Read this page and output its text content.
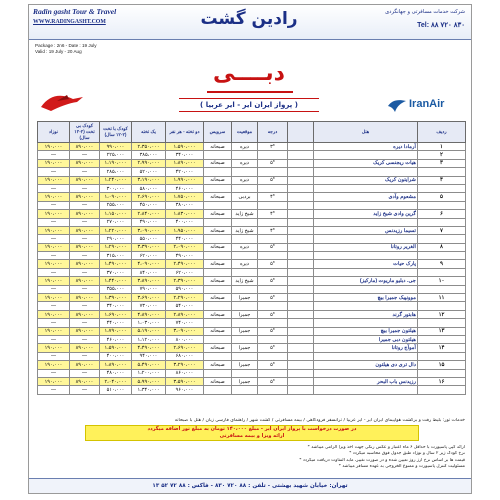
Radin gasht Tour & Travel
WWW.RADINGASHT.COM	رادین گشت	شرکت خدمات مسافرتی و جهانگردی
Tel: ۸۸ ۷۲۰ ۸۳۰
Package : 2n6 - Date : 19 July
Valid : 19 July - 20 Aug
دبــــی
( پرواز ایران ایر - ایر عربیا )	IranAir
نوزاد	کودک بی تخت (۲-۱۲ سال)	کودک با تخت (۲-۱۲ سال)	یک تخته	دو تخته - هر نفر	سرویس	موقعیت	درجه		هتل	ردیف
۱۹۰،۰۰۰	۸۹۰،۰۰۰	۹۹۰،۰۰۰	۲،۳۵۰،۰۰۰	۱،۵۹۰،۰۰۰	صبحانه	دیره	۳*		آرمادا دیره	۱
—	—	۲۲۵،۰۰۰	۳۸۵،۰۰۰	۳۴۰،۰۰۰						۲
۱۹۰،۰۰۰	۸۹۰،۰۰۰	۱،۱۹۰،۰۰۰	۲،۹۹۰،۰۰۰	۱،۸۹۰،۰۰۰	صبحانه	دیره	۵*		هیات ریجنسی کریک	۳
—	—	۲۸۵،۰۰۰	۵۲۰،۰۰۰	۴۲۰،۰۰۰						
۱۹۰،۰۰۰	۸۹۰،۰۰۰	۱،۲۴۰،۰۰۰	۳،۱۹۰،۰۰۰	۱،۹۹۰،۰۰۰	صبحانه	دیره	۵*		شرایتون کریک	۴
—	—	۳۰۰،۰۰۰	۵۸۰،۰۰۰	۴۶۰،۰۰۰						
۱۹۰،۰۰۰	۸۹۰،۰۰۰	۱،۰۹۰،۰۰۰	۲،۶۹۰،۰۰۰	۱،۷۵۰،۰۰۰	صبحانه	بردبی	۴*		مشعوم وآدی	۵
—	—	۲۵۵،۰۰۰	۴۵۰،۰۰۰	۳۸۰،۰۰۰						
۱۹۰،۰۰۰	۸۹۰،۰۰۰	۱،۱۵۰،۰۰۰	۲،۸۴۰،۰۰۰	۱،۸۳۰،۰۰۰	صبحانه	شیخ زاید	۴*		گرین وادی شیخ زاید	۶
—	—	۲۷۰،۰۰۰	۴۹۰،۰۰۰	۴۰۰،۰۰۰						
۱۹۰،۰۰۰	۸۹۰،۰۰۰	۱،۲۲۰،۰۰۰	۳،۰۹۰،۰۰۰	۱،۹۵۰،۰۰۰	صبحانه	شیخ زاید	۴*		تسیما رزیدنس	۷
—	—	۲۹۰،۰۰۰	۵۵۰،۰۰۰	۴۴۰،۰۰۰						
۱۹۰،۰۰۰	۸۹۰،۰۰۰	۱،۲۹۰،۰۰۰	۳،۳۹۰،۰۰۰	۲،۰۹۰،۰۰۰	صبحانه	دیره	۵*		الغریر روتانا	۸
—	—	۳۱۵،۰۰۰	۶۲۰،۰۰۰	۴۹۰،۰۰۰						
۱۹۰،۰۰۰	۸۹۰،۰۰۰	۱،۴۹۰،۰۰۰	۴،۰۹۰،۰۰۰	۲،۴۹۰،۰۰۰	صبحانه	دیره	۵*		پارک حیات	۹
—	—	۳۷۰،۰۰۰	۸۴۰،۰۰۰	۶۲۰،۰۰۰						
۱۹۰،۰۰۰	۸۹۰،۰۰۰	۱،۴۴۰،۰۰۰	۳،۸۹۰،۰۰۰	۲،۳۹۰،۰۰۰	صبحانه	شیخ زاید	۵*		جی. دبلیو ماریوت (مارکیز)	۱۰
—	—	۳۵۵،۰۰۰	۷۹۰،۰۰۰	۵۹۰،۰۰۰						
۱۹۰،۰۰۰	۸۹۰،۰۰۰	۱،۳۹۰،۰۰۰	۳،۶۹۰،۰۰۰	۲،۲۹۰،۰۰۰	صبحانه	جمیرا	۵*		موونپیک جمیرا بیچ	۱۱
—	—	۳۴۰،۰۰۰	۷۳۰،۰۰۰	۵۴۰،۰۰۰						
۱۹۰،۰۰۰	۸۹۰،۰۰۰	۱،۶۹۰،۰۰۰	۴،۸۹۰،۰۰۰	۲،۸۹۰،۰۰۰	صبحانه	جمیرا	۵*		هابتور گرند	۱۲
—	—	۴۴۰،۰۰۰	۱،۰۳۰،۰۰۰	۷۴۰،۰۰۰						
۱۹۰،۰۰۰	۸۹۰،۰۰۰	۱،۷۹۰،۰۰۰	۵،۱۹۰،۰۰۰	۳،۰۹۰،۰۰۰	صبحانه	جمیرا	۵*		هیلتون جمیرا بیچ	۱۳
—	—	۴۶۰،۰۰۰	۱،۱۲۰،۰۰۰	۸۰۰،۰۰۰					هیلتون دبی جمیرا	
۱۹۰،۰۰۰	۸۹۰،۰۰۰	۱،۵۹۰،۰۰۰	۴،۴۹۰،۰۰۰	۲،۶۹۰،۰۰۰	صبحانه	جمیرا	۵*		آموآج روتانا	۱۴
—	—	۴۰۰،۰۰۰	۹۴۰،۰۰۰	۶۸۰،۰۰۰						
۱۹۰،۰۰۰	۸۹۰،۰۰۰	۱،۸۹۰،۰۰۰	۵،۴۹۰،۰۰۰	۳،۲۹۰،۰۰۰	صبحانه	جمیرا	۵*		دال تری دی هیلتون	۱۵
—	—	۴۸۰،۰۰۰	۱،۲۰۰،۰۰۰	۸۶۰،۰۰۰						
۱۹۰،۰۰۰	۸۹۰،۰۰۰	۲،۰۴۰،۰۰۰	۵،۹۹۰،۰۰۰	۳،۵۹۰،۰۰۰	صبحانه	جمیرا	۵*		رزیدنس باب البحر	۱۶
—	—	۵۱۰،۰۰۰	۱،۳۴۰،۰۰۰	۹۶۰،۰۰۰						
خدمات تور: بلیط رفت و برگشت هواپیمای ایران ایر - ایر عربیا / ترانسفر فرودگاهی / بیمه مسافرتی / گشت شهر / راهنمای فارسی زبان / هتل با صبحانه
در صورت درخواست با پرواز ایران ایر - مبلغ ۱۴۰،۰۰۰ تومان به مبلغ تور اضافه میگردد
ارائه ویزا و بیمه مسافرتی
* ارائه کپی پاسپورت با حداقل ۶ ماه اعتبار و عکس رنگی جهت اخذ ویزا الزامی میباشد
* نرخ کودک زیر ۲ سال و نوزاد طبق جدول فوق محاسبه میگردد
* قیمت ها بر اساس نرخ ارز روز تعیین شده و در صورت تغییر، مابه التفاوت دریافت میگردد
* مسئولیت کنترل پاسپورت و ممنوع الخروجی به عهده مسافر میباشد
تهران: خیابان شهید بهشتی - تلفن : ۸۸ ۷۲۰ ۸۳۰ - فاکس : ۸۸ ۷۲ ۵۲ ۱۳
